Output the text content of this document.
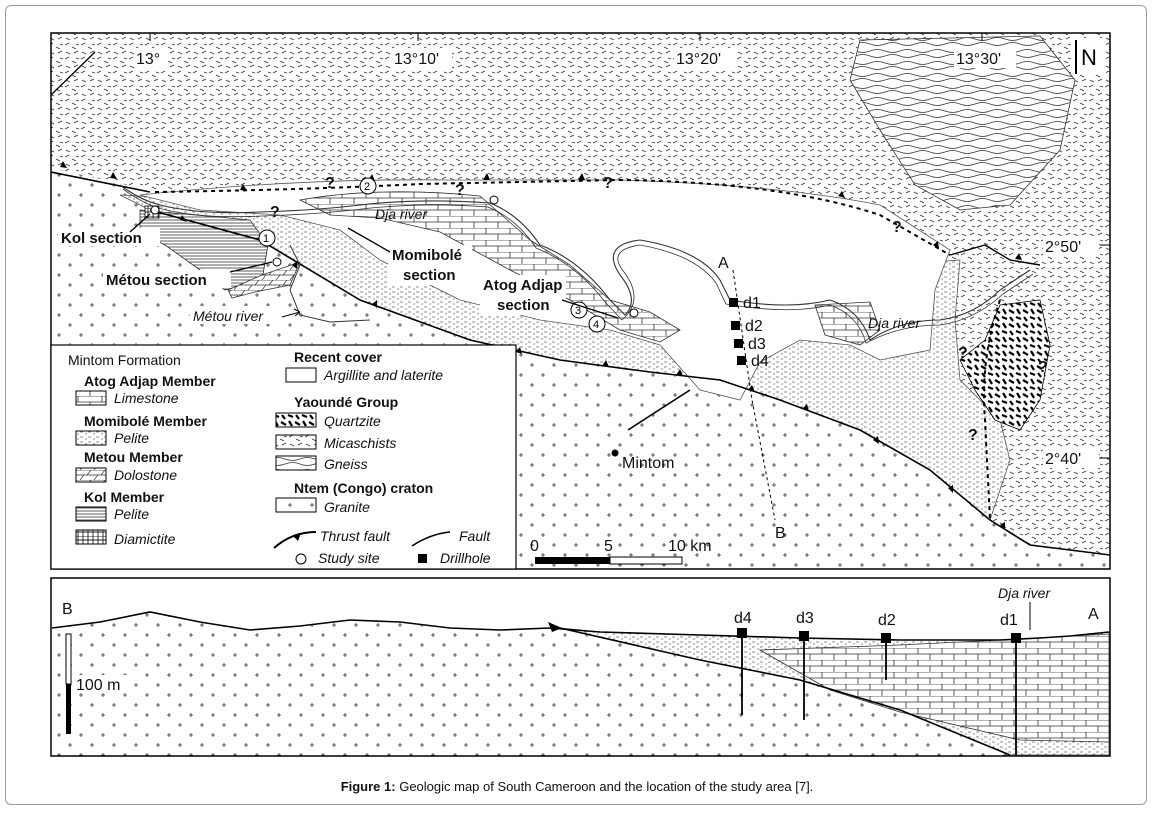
13°	13°10'	13°20'	13°30'
2°50'
2°40'
N
?	?	?
?
?
?
?
?
1
2
3
4
d1
d2
d3
d4
A
B
Kol section
Métou section
Momibolé
section
Atog Adjap
section
Dja river
Dja river
Métou river
Mintom
0	5	10 km
Mintom Formation
Atog Adjap Member
Limestone
Momibolé Member
Pelite
Metou Member
Dolostone
Kol Member
Pelite
Diamictite
Recent cover
Argillite and laterite
Yaoundé Group
Quartzite
Micaschists
Gneiss
Ntem (Congo) craton
Granite
Thrust fault	Fault
Study site	Drillhole
B	A
d4	d3	d2	d1
Dja river
100 m
Figure 1: Geologic map of South Cameroon and the location of the study area [7].
